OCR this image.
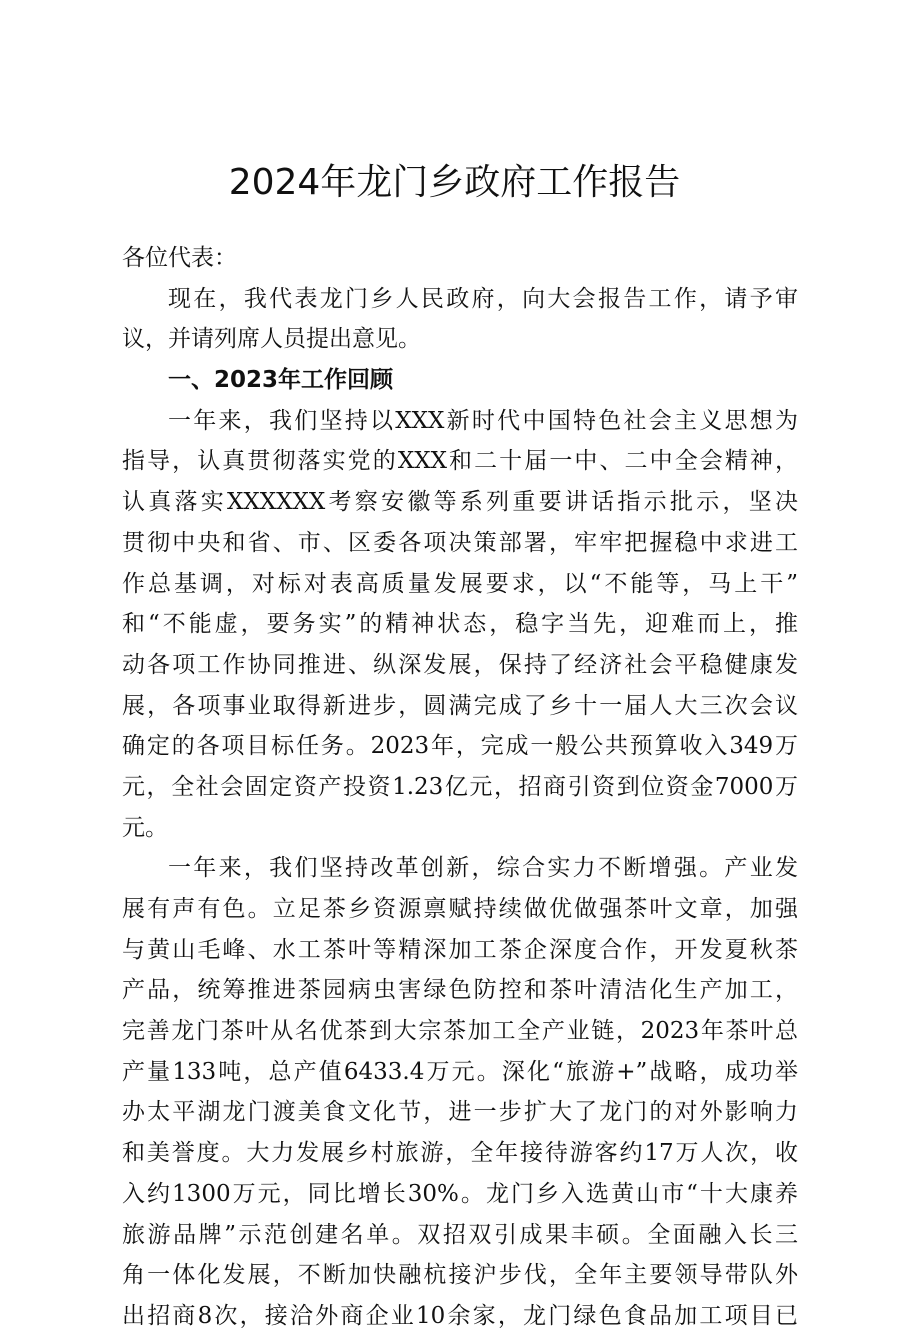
2024年龙门乡政府工作报告
各位代表：
现在，我代表龙门乡人民政府，向大会报告工作，请予审
议，并请列席人员提出意见。
一、2023年工作回顾
一年来，我们坚持以XXX新时代中国特色社会主义思想为
指导，认真贯彻落实党的XXX和二十届一中、二中全会精神，
认真落实XXXXXX考察安徽等系列重要讲话指示批示，坚决
贯彻中央和省、市、区委各项决策部署，牢牢把握稳中求进工
作总基调，对标对表高质量发展要求，以“不能等，马上干”
和“不能虚，要务实”的精神状态，稳字当先，迎难而上，推
动各项工作协同推进、纵深发展，保持了经济社会平稳健康发
展，各项事业取得新进步，圆满完成了乡十一届人大三次会议
确定的各项目标任务。2023年，完成一般公共预算收入349万
元，全社会固定资产投资1.23亿元，招商引资到位资金7000万
元。
一年来，我们坚持改革创新，综合实力不断增强。产业发
展有声有色。立足茶乡资源禀赋持续做优做强茶叶文章，加强
与黄山毛峰、水工茶叶等精深加工茶企深度合作，开发夏秋茶
产品，统筹推进茶园病虫害绿色防控和茶叶清洁化生产加工，
完善龙门茶叶从名优茶到大宗茶加工全产业链，2023年茶叶总
产量133吨，总产值6433.4万元。深化“旅游+”战略，成功举
办太平湖龙门渡美食文化节，进一步扩大了龙门的对外影响力
和美誉度。大力发展乡村旅游，全年接待游客约17万人次，收
入约1300万元，同比增长30%。龙门乡入选黄山市“十大康养
旅游品牌”示范创建名单。双招双引成果丰硕。全面融入长三
角一体化发展，不断加快融杭接沪步伐，全年主要领导带队外
出招商8次，接洽外商企业10余家，龙门绿色食品加工项目已
